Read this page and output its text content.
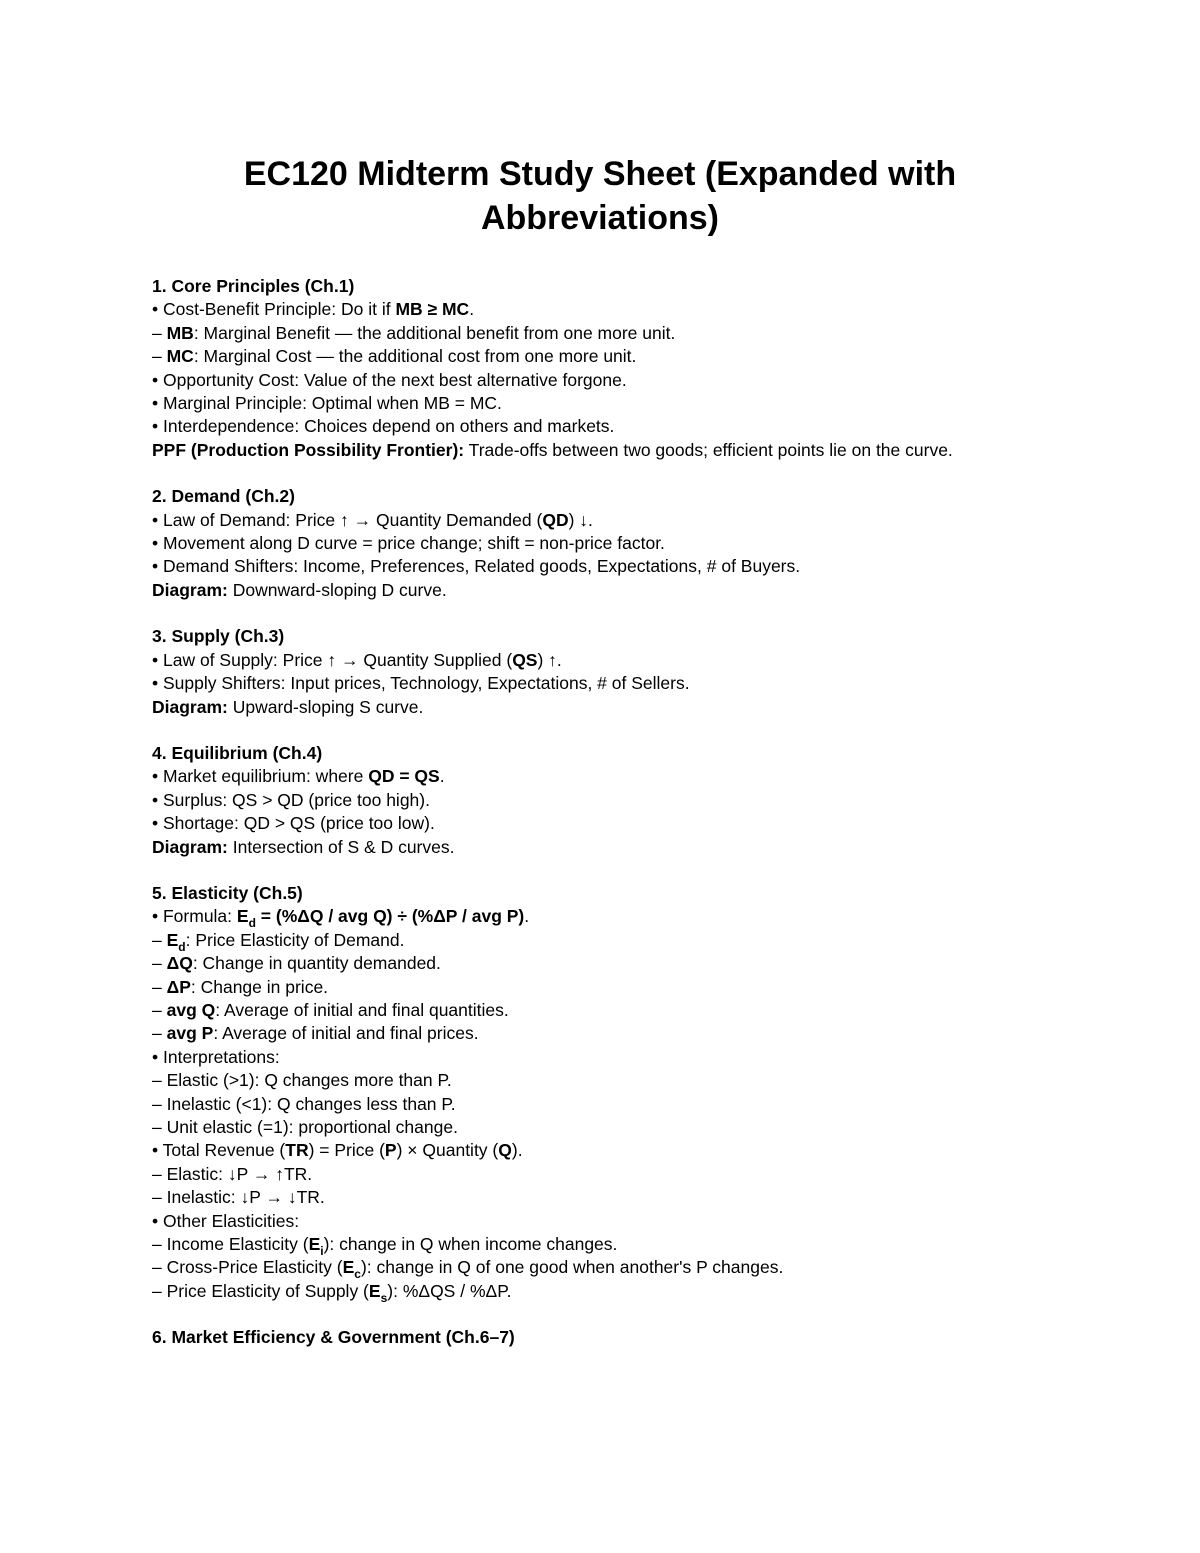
EC120 Midterm Study Sheet (Expanded with Abbreviations)
1. Core Principles (Ch.1)
• Cost-Benefit Principle: Do it if MB ≥ MC.
– MB: Marginal Benefit — the additional benefit from one more unit.
– MC: Marginal Cost — the additional cost from one more unit.
• Opportunity Cost: Value of the next best alternative forgone.
• Marginal Principle: Optimal when MB = MC.
• Interdependence: Choices depend on others and markets.
PPF (Production Possibility Frontier): Trade-offs between two goods; efficient points lie on the curve.
2. Demand (Ch.2)
• Law of Demand: Price ↑ → Quantity Demanded (QD) ↓.
• Movement along D curve = price change; shift = non-price factor.
• Demand Shifters: Income, Preferences, Related goods, Expectations, # of Buyers.
Diagram: Downward-sloping D curve.
3. Supply (Ch.3)
• Law of Supply: Price ↑ → Quantity Supplied (QS) ↑.
• Supply Shifters: Input prices, Technology, Expectations, # of Sellers.
Diagram: Upward-sloping S curve.
4. Equilibrium (Ch.4)
• Market equilibrium: where QD = QS.
• Surplus: QS > QD (price too high).
• Shortage: QD > QS (price too low).
Diagram: Intersection of S & D curves.
5. Elasticity (Ch.5)
• Formula: $E_d = (\%\Delta Q$ / avg Q) ÷ (%ΔP / avg P).
– $E_d$: Price Elasticity of Demand.
– ΔQ: Change in quantity demanded.
– ΔP: Change in price.
– avg Q: Average of initial and final quantities.
– avg P: Average of initial and final prices.
• Interpretations:
– Elastic (>1): Q changes more than P.
– Inelastic (<1): Q changes less than P.
– Unit elastic (=1): proportional change.
• Total Revenue (TR) = Price (P) × Quantity (Q).
– Elastic: ↓P → ↑TR.
– Inelastic: ↓P → ↓TR.
• Other Elasticities:
– Income Elasticity $(E_i)$: change in Q when income changes.
– Cross-Price Elasticity $(E_c)$: change in Q of one good when another's P changes.
– Price Elasticity of Supply $(E_s)$: %ΔQS / %ΔP.
6. Market Efficiency & Government (Ch.6–7)
